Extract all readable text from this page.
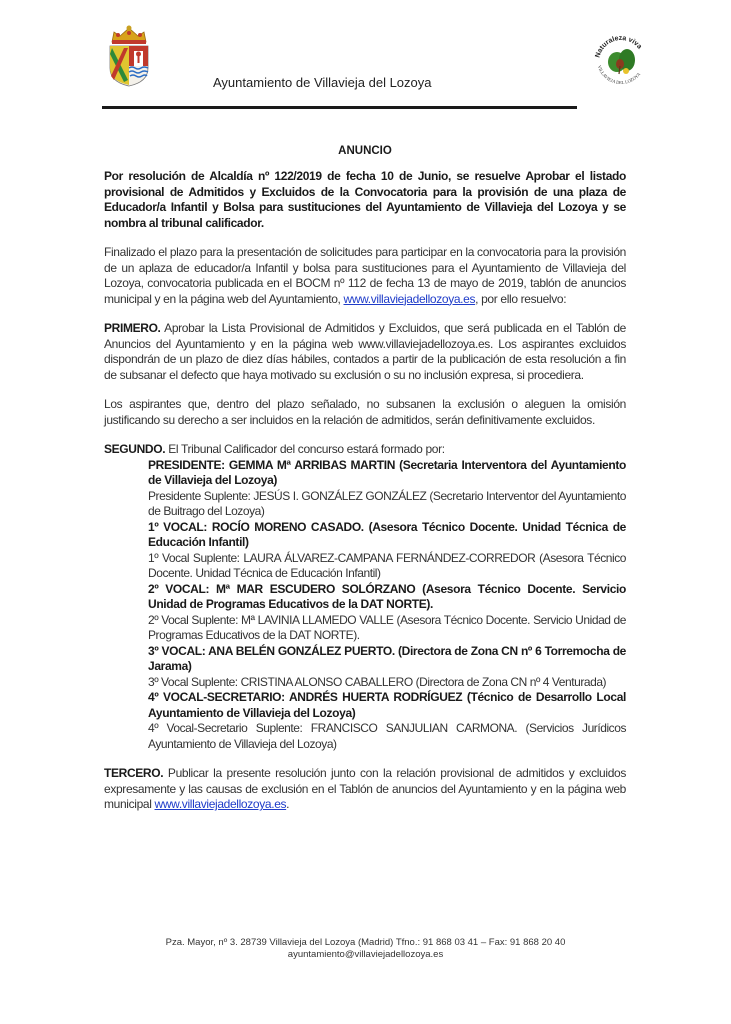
Ayuntamiento de Villavieja del Lozoya
Naturaleza viva
VILLAVIEJA DEL LOZOYA
ANUNCIO
Por resolución de Alcaldía nº 122/2019 de fecha 10 de Junio, se resuelve Aprobar el listado provisional de Admitidos y Excluidos de la Convocatoria para la provisión de una plaza de Educador/a Infantil y Bolsa para sustituciones del Ayuntamiento de Villavieja del Lozoya y se nombra al tribunal calificador.
Finalizado el plazo para la presentación de solicitudes para participar en la convocatoria para la provisión de un aplaza de educador/a Infantil y bolsa para sustituciones para el Ayuntamiento de Villavieja del Lozoya, convocatoria publicada en el BOCM nº 112 de fecha 13 de mayo de 2019, tablón de anuncios municipal y en la página web del Ayuntamiento, www.villaviejadellozoya.es, por ello resuelvo:
PRIMERO. Aprobar la Lista Provisional de Admitidos y Excluidos, que será publicada en el Tablón de Anuncios del Ayuntamiento y en la página web www.villaviejadellozoya.es. Los aspirantes excluidos dispondrán de un plazo de diez días hábiles, contados a partir de la publicación de esta resolución a fin de subsanar el defecto que haya motivado su exclusión o su no inclusión expresa, si procediera.
Los aspirantes que, dentro del plazo señalado, no subsanen la exclusión o aleguen la omisión justificando su derecho a ser incluidos en la relación de admitidos, serán definitivamente excluidos.
SEGUNDO. El Tribunal Calificador del concurso estará formado por:
PRESIDENTE: GEMMA Mª ARRIBAS MARTIN (Secretaria Interventora del Ayuntamiento de Villavieja del Lozoya)
Presidente Suplente: JESÚS I. GONZÁLEZ GONZÁLEZ (Secretario Interventor del Ayuntamiento de Buitrago del Lozoya)
1º VOCAL: ROCÍO MORENO CASADO. (Asesora Técnico Docente. Unidad Técnica de Educación Infantil)
1º Vocal Suplente: LAURA ÁLVAREZ-CAMPANA FERNÁNDEZ-CORREDOR (Asesora Técnico Docente. Unidad Técnica de Educación Infantil)
2º VOCAL: Mª MAR ESCUDERO SOLÓRZANO (Asesora Técnico Docente. Servicio Unidad de Programas Educativos de la DAT NORTE).
2º Vocal Suplente: Mª LAVINIA LLAMEDO VALLE (Asesora Técnico Docente. Servicio Unidad de Programas Educativos de la DAT NORTE).
3º VOCAL: ANA BELÉN GONZÁLEZ PUERTO. (Directora de Zona CN nº 6 Torremocha de Jarama)
3º Vocal Suplente: CRISTINA ALONSO CABALLERO (Directora de Zona CN nº 4 Venturada)
4º VOCAL-SECRETARIO: ANDRÉS HUERTA RODRÍGUEZ (Técnico de Desarrollo Local Ayuntamiento de Villavieja del Lozoya)
4º Vocal-Secretario Suplente: FRANCISCO SANJULIAN CARMONA. (Servicios Jurídicos Ayuntamiento de Villavieja del Lozoya)
TERCERO. Publicar la presente resolución junto con la relación provisional de admitidos y excluidos expresamente y las causas de exclusión en el Tablón de anuncios del Ayuntamiento y en la página web municipal www.villaviejadellozoya.es.
Pza. Mayor, nº 3. 28739 Villavieja del Lozoya (Madrid) Tfno.: 91 868 03 41 – Fax: 91 868 20 40
ayuntamiento@villaviejadellozoya.es
